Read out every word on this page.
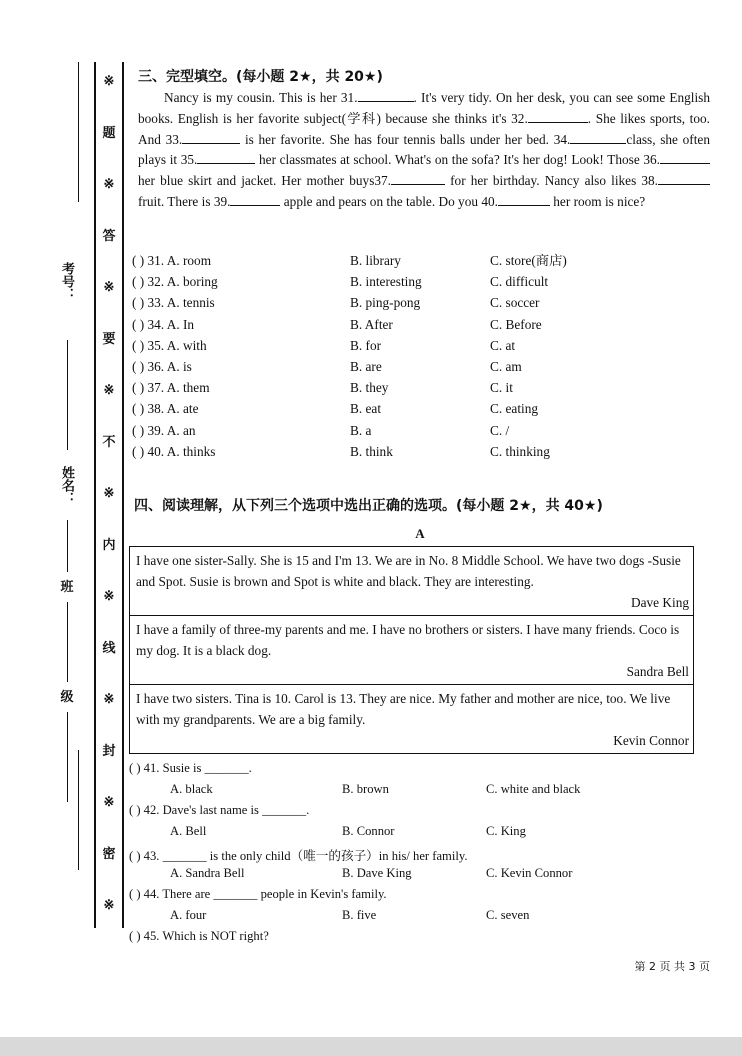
※
题
※
答
※
要
※
不
※
内
※
线
※
封
※
密
※
考号：
姓名：
班
级
三、完型填空。(每小题 2★，共 20★)
Nancy is my cousin. This is her 31.	. It's very tidy. On her desk, you can see some English books. English is her favorite subject(学科) because she thinks it's 32.	. She likes sports, too. And 33.	is her favorite. She has four tennis balls under her bed. 34.	class, she often plays it 35.	her classmates at school. What's on the sofa? It's her dog! Look! Those 36. her blue skirt and jacket. Her mother buys37.	for her birthday. Nancy also likes 38. fruit. There is 39.	apple and pears on the table. Do you 40.	her room is nice?
( ) 31. A. room	B. library	C. store(商店)
( ) 32. A. boring	B. interesting	C. difficult
( ) 33. A. tennis	B. ping-pong	C. soccer
( ) 34. A. In	B. After	C. Before
( ) 35. A. with	B. for	C. at
( ) 36. A. is	B. are	C. am
( ) 37. A. them	B. they	C. it
( ) 38. A. ate	B. eat	C. eating
( ) 39. A. an	B. a	C. /
( ) 40. A. thinks	B. think	C. thinking
四、阅读理解，从下列三个选项中选出正确的选项。(每小题 2★，共 40★)
A
I have one sister-Sally. She is 15 and I'm 13. We are in No. 8 Middle School. We have two dogs -Susie and Spot. Susie is brown and Spot is white and black. They are interesting.
Dave King
I have a family of three-my parents and me. I have no brothers or sisters. I have many friends. Coco is my dog. It is a black dog.
Sandra Bell
I have two sisters. Tina is 10. Carol is 13. They are nice. My father and mother are nice, too. We live with my grandparents. We are a big family.
Kevin Connor
( ) 41. Susie is _______.
A. black	B. brown	C. white and black
( ) 42. Dave's last name is _______.
A. Bell	B. Connor	C. King
( ) 43. _______ is the only child（唯一的孩子）in his/ her family.
A. Sandra Bell	B. Dave King	C. Kevin Connor
( ) 44. There are _______ people in Kevin's family.
A. four	B. five	C. seven
( ) 45. Which is NOT right?
第 2 页 共 3 页
